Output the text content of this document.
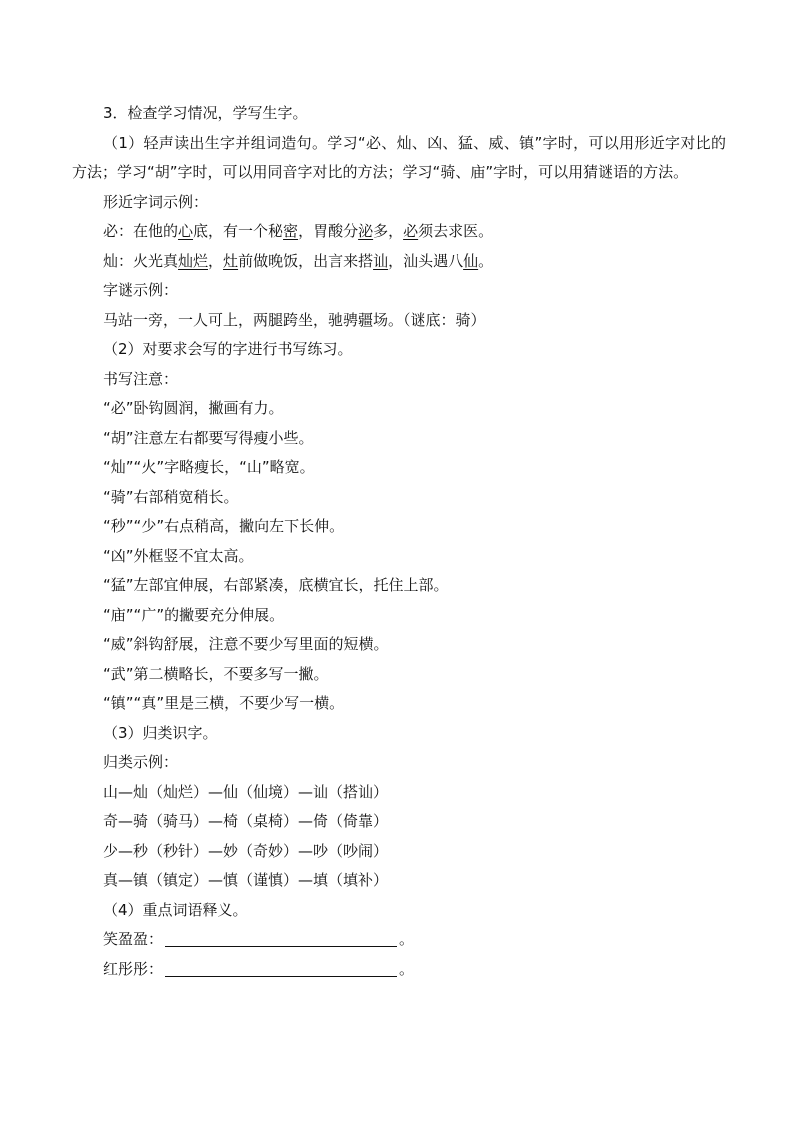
3．检查学习情况，学写生字。

（1）轻声读出生字并组词造句。学习“必、灿、凶、猛、威、镇”字时，可以用形近字对比的方法；学习“胡”字时，可以用同音字对比的方法；学习“骑、庙”字时，可以用猜谜语的方法。

形近字词示例：

必：在他的心底，有一个秘密，胃酸分泌多，必须去求医。

灿：火光真灿烂，灶前做晚饭，出言来搭讪，汕头遇八仙。

字谜示例：

马站一旁，一人可上，两腿跨坐，驰骋疆场。（谜底：骑）

（2）对要求会写的字进行书写练习。

书写注意：

“必”卧钩圆润，撇画有力。

“胡”注意左右都要写得瘦小些。

“灿”“火”字略瘦长，“山”略宽。

“骑”右部稍宽稍长。

“秒”“少”右点稍高，撇向左下长伸。

“凶”外框竖不宜太高。

“猛”左部宜伸展，右部紧凑，底横宜长，托住上部。

“庙”“广”的撇要充分伸展。

“威”斜钩舒展，注意不要少写里面的短横。

“武”第二横略长，不要多写一撇。

“镇”“真”里是三横，不要少写一横。

（3）归类识字。

归类示例：

山—灿（灿烂）—仙（仙境）—讪（搭讪）

奇—骑（骑马）—椅（桌椅）—倚（倚靠）

少—秒（秒针）—妙（奇妙）—吵（吵闹）

真—镇（镇定）—慎（谨慎）—填（填补）

（4）重点词语释义。

笑盈盈：	。

红彤彤：	。
